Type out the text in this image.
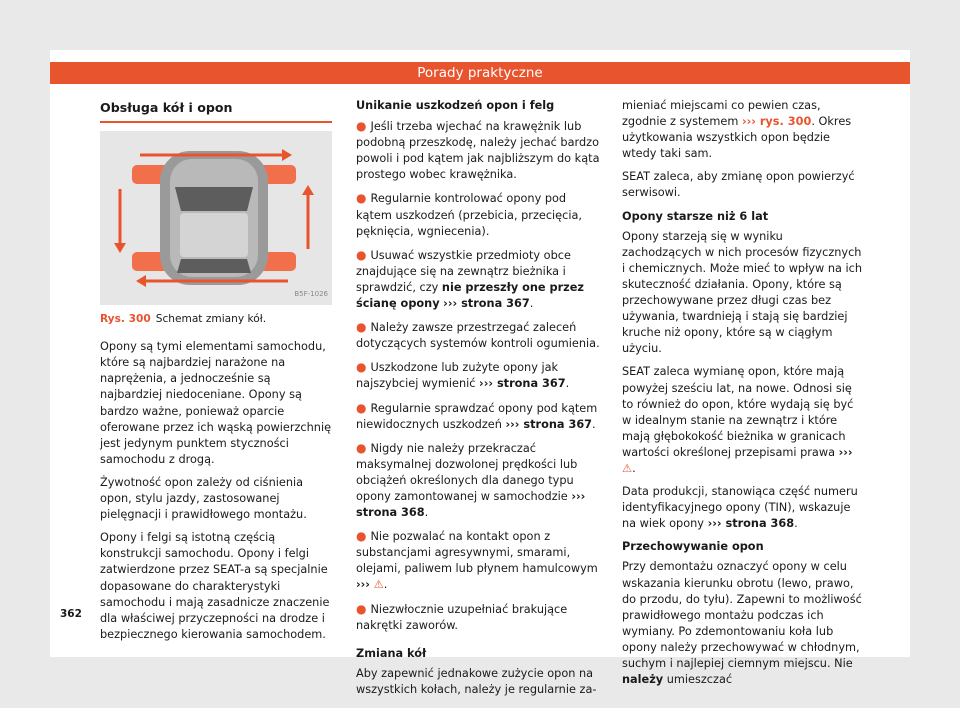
Porady praktyczne
Obsługa kół i opon
B5F-1026
Rys. 300 Schemat zmiany kół.

Opony są tymi elementami samochodu, które są najbardziej narażone na naprężenia, a jednocześnie są najbardziej niedoceniane. Opony są bardzo ważne, ponieważ oparcie oferowane przez ich wąską powierzchnię jest jedynym punktem styczności samochodu z drogą.

Żywotność opon zależy od ciśnienia opon, stylu jazdy, zastosowanej pielęgnacji i prawidłowego montażu.

Opony i felgi są istotną częścią konstrukcji samochodu. Opony i felgi zatwierdzone przez SEAT-a są specjalnie dopasowane do charakterystyki samochodu i mają zasadnicze znaczenie dla właściwej przyczepności na drodze i bezpiecznego kierowania samochodem.

Unikanie uszkodzeń opon i felg

● Jeśli trzeba wjechać na krawężnik lub podobną przeszkodę, należy jechać bardzo powoli i pod kątem jak najbliższym do kąta prostego wobec krawężnika.

● Regularnie kontrolować opony pod kątem uszkodzeń (przebicia, przecięcia, pęknięcia, wgniecenia).

● Usuwać wszystkie przedmioty obce znajdujące się na zewnątrz bieżnika i sprawdzić, czy nie przeszły one przez ścianę opony ››› strona 367.

● Należy zawsze przestrzegać zaleceń dotyczących systemów kontroli ogumienia.

● Uszkodzone lub zużyte opony jak najszybciej wymienić ››› strona 367.

● Regularnie sprawdzać opony pod kątem niewidocznych uszkodzeń ››› strona 367.

● Nigdy nie należy przekraczać maksymalnej dozwolonej prędkości lub obciążeń określonych dla danego typu opony zamontowanej w samochodzie ››› strona 368.

● Nie pozwalać na kontakt opon z substancjami agresywnymi, smarami, olejami, paliwem lub płynem hamulcowym ››› ⚠.

● Niezwłocznie uzupełniać brakujące nakrętki zaworów.

Zmiana kół

Aby zapewnić jednakowe zużycie opon na wszystkich kołach, należy je regularnie za-

mieniać miejscami co pewien czas, zgodnie z systemem ››› rys. 300. Okres użytkowania wszystkich opon będzie wtedy taki sam.

SEAT zaleca, aby zmianę opon powierzyć serwisowi.

Opony starsze niż 6 lat

Opony starzeją się w wyniku zachodzących w nich procesów fizycznych i chemicznych. Może mieć to wpływ na ich skuteczność działania. Opony, które są przechowywane przez długi czas bez używania, twardnieją i stają się bardziej kruche niż opony, które są w ciągłym użyciu.

SEAT zaleca wymianę opon, które mają powyżej sześciu lat, na nowe. Odnosi się to również do opon, które wydają się być w idealnym stanie na zewnątrz i które mają głębokokość bieżnika w granicach wartości określonej przepisami prawa ››› ⚠.

Data produkcji, stanowiąca część numeru identyfikacyjnego opony (TIN), wskazuje na wiek opony ››› strona 368.

Przechowywanie opon

Przy demontażu oznaczyć opony w celu wskazania kierunku obrotu (lewo, prawo, do przodu, do tyłu). Zapewni to możliwość prawidłowego montażu podczas ich wymiany. Po zdemontowaniu koła lub opony należy przechowywać w chłodnym, suchym i najlepiej ciemnym miejscu. Nie należy umieszczać

362
